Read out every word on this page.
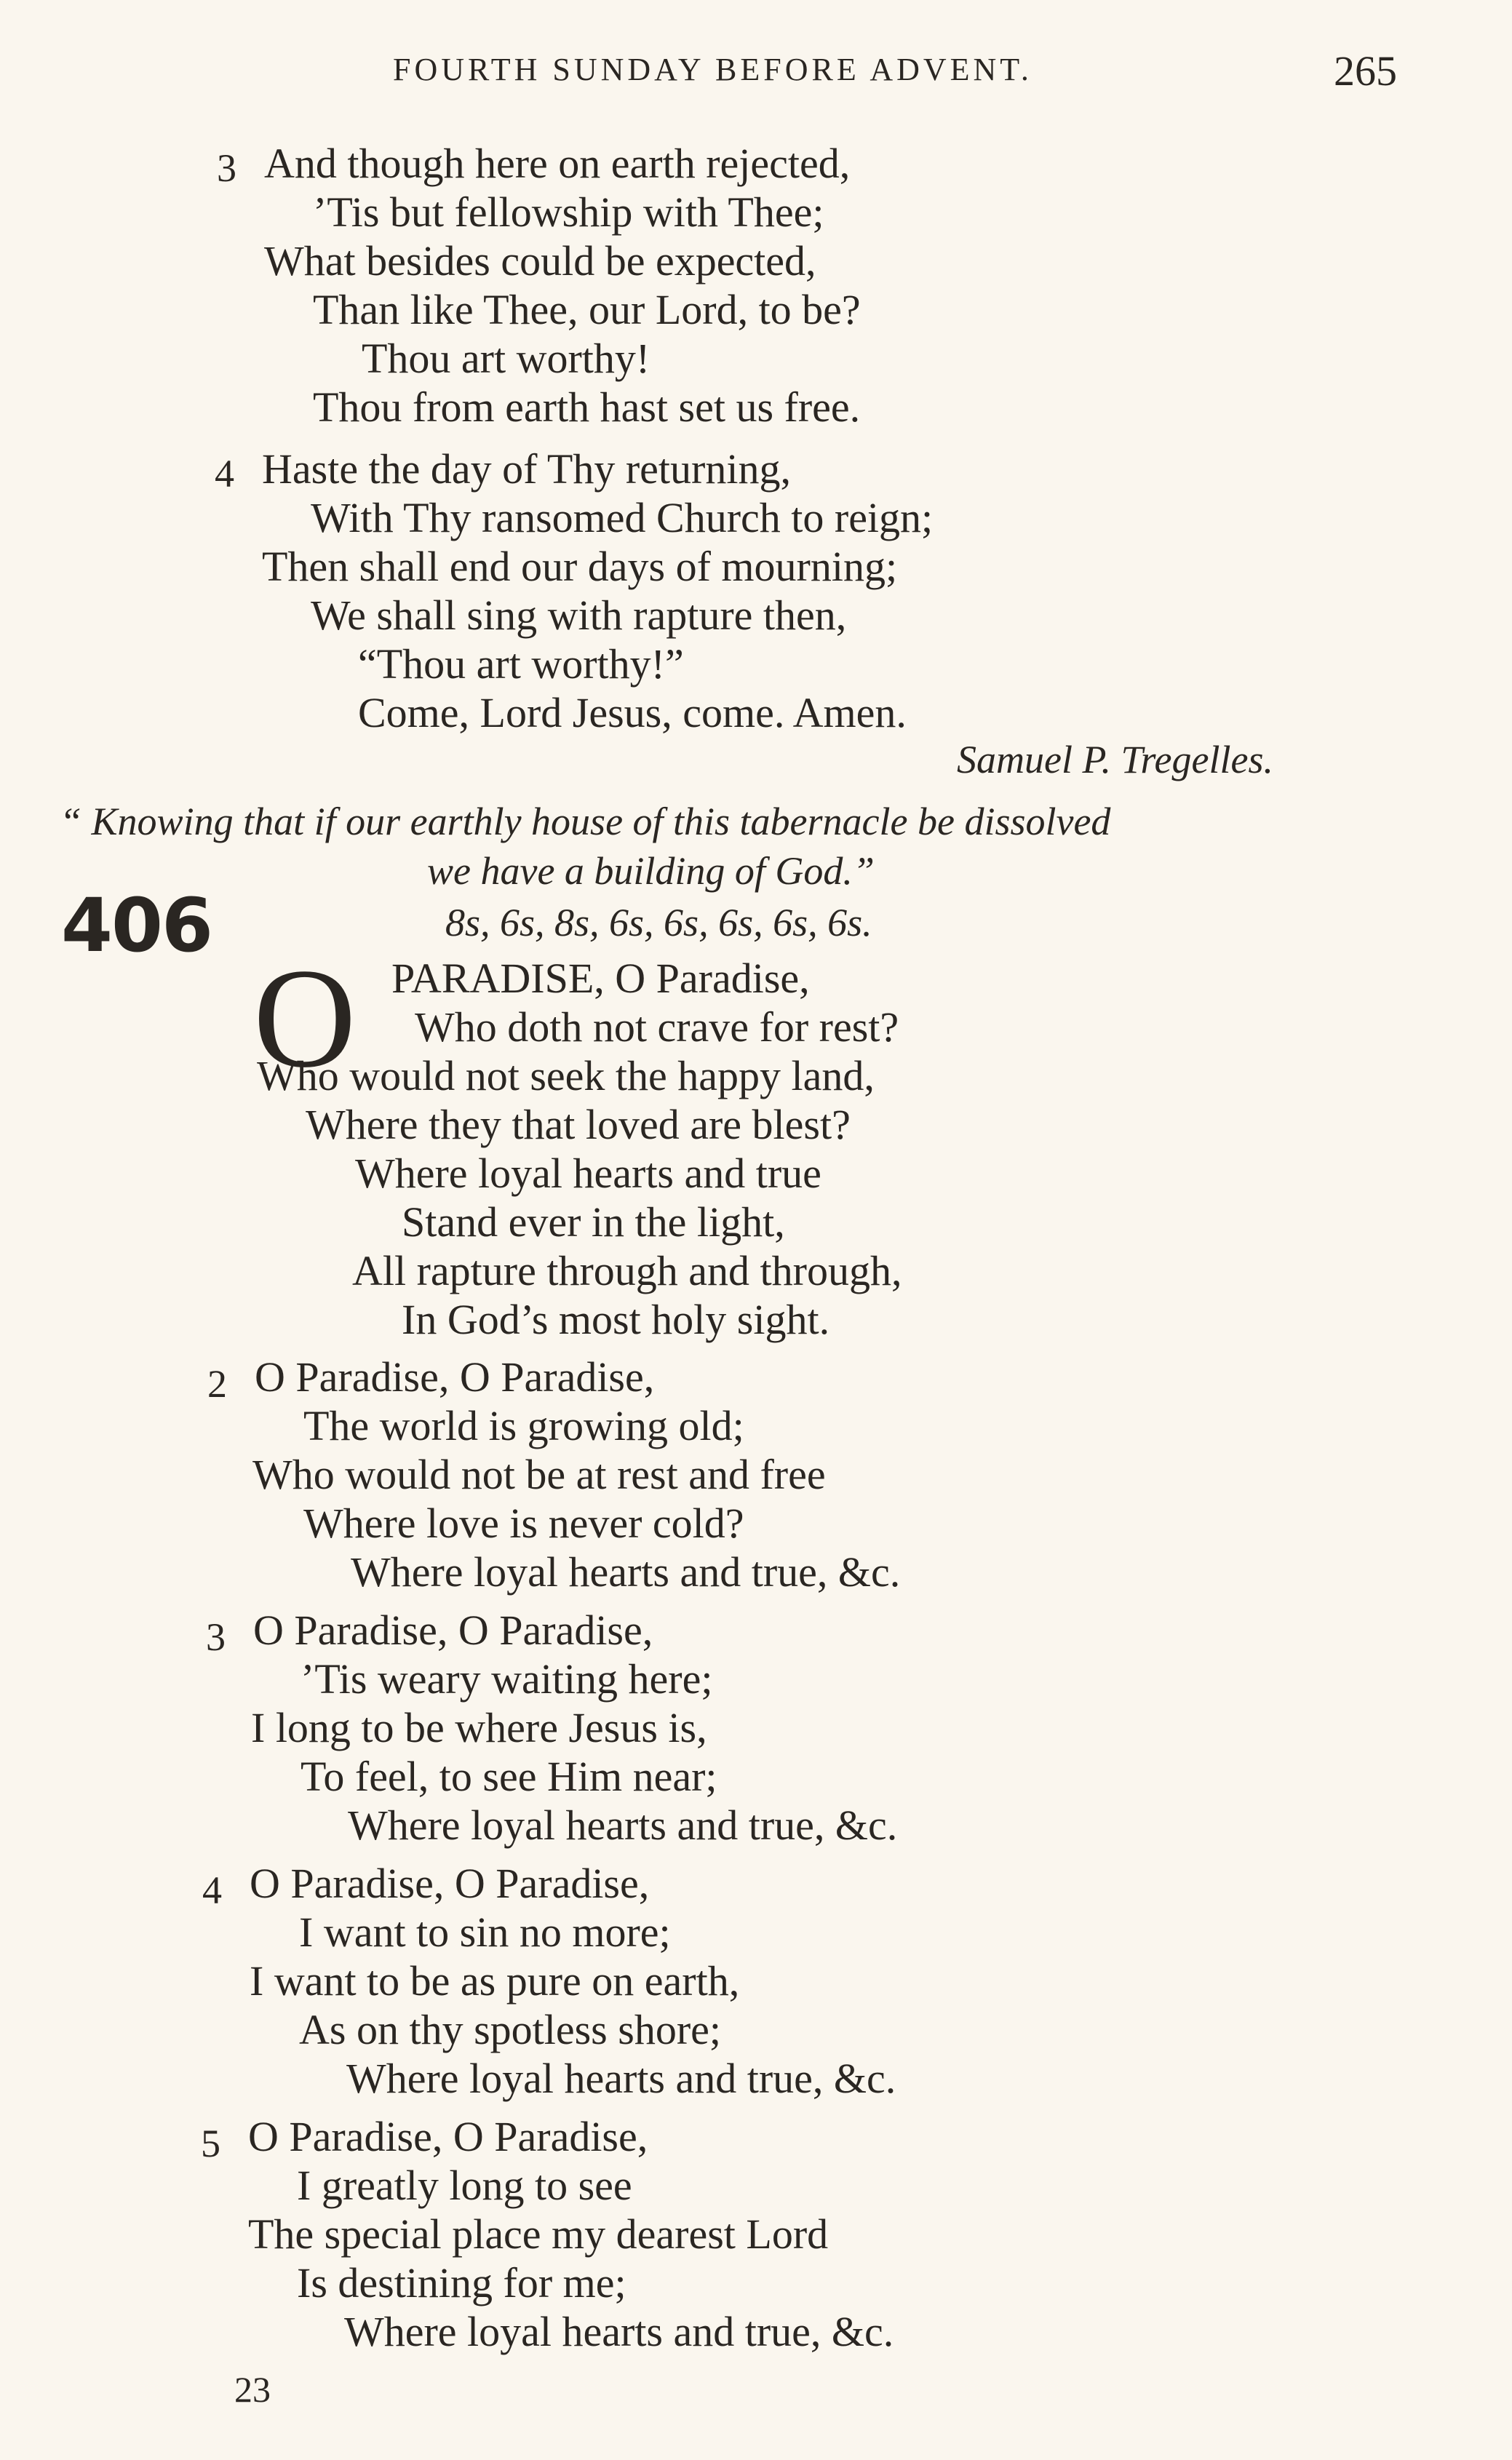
FOURTH SUNDAY BEFORE ADVENT.	265
3 And though here on earth rejected,
’Tis but fellowship with Thee;
What besides could be expected,
Than like Thee, our Lord, to be?
Thou art worthy!
Thou from earth hast set us free.
4 Haste the day of Thy returning,
With Thy ransomed Church to reign;
Then shall end our days of mourning;
We shall sing with rapture then,
“Thou art worthy!”
Come, Lord Jesus, come. Amen.
Samuel P. Tregelles.
“ Knowing that if our earthly house of this tabernacle be dissolved
we have a building of God.”
406	8s, 6s, 8s, 6s, 6s, 6s, 6s, 6s.
O PARADISE, O Paradise,
Who doth not crave for rest?
Who would not seek the happy land,
Where they that loved are blest?
Where loyal hearts and true
Stand ever in the light,
All rapture through and through,
In God’s most holy sight.
2 O Paradise, O Paradise,
The world is growing old;
Who would not be at rest and free
Where love is never cold?
Where loyal hearts and true, &c.
3 O Paradise, O Paradise,
’Tis weary waiting here;
I long to be where Jesus is,
To feel, to see Him near;
Where loyal hearts and true, &c.
4 O Paradise, O Paradise,
I want to sin no more;
I want to be as pure on earth,
As on thy spotless shore;
Where loyal hearts and true, &c.
5 O Paradise, O Paradise,
I greatly long to see
The special place my dearest Lord
Is destining for me;
Where loyal hearts and true, &c.
23
